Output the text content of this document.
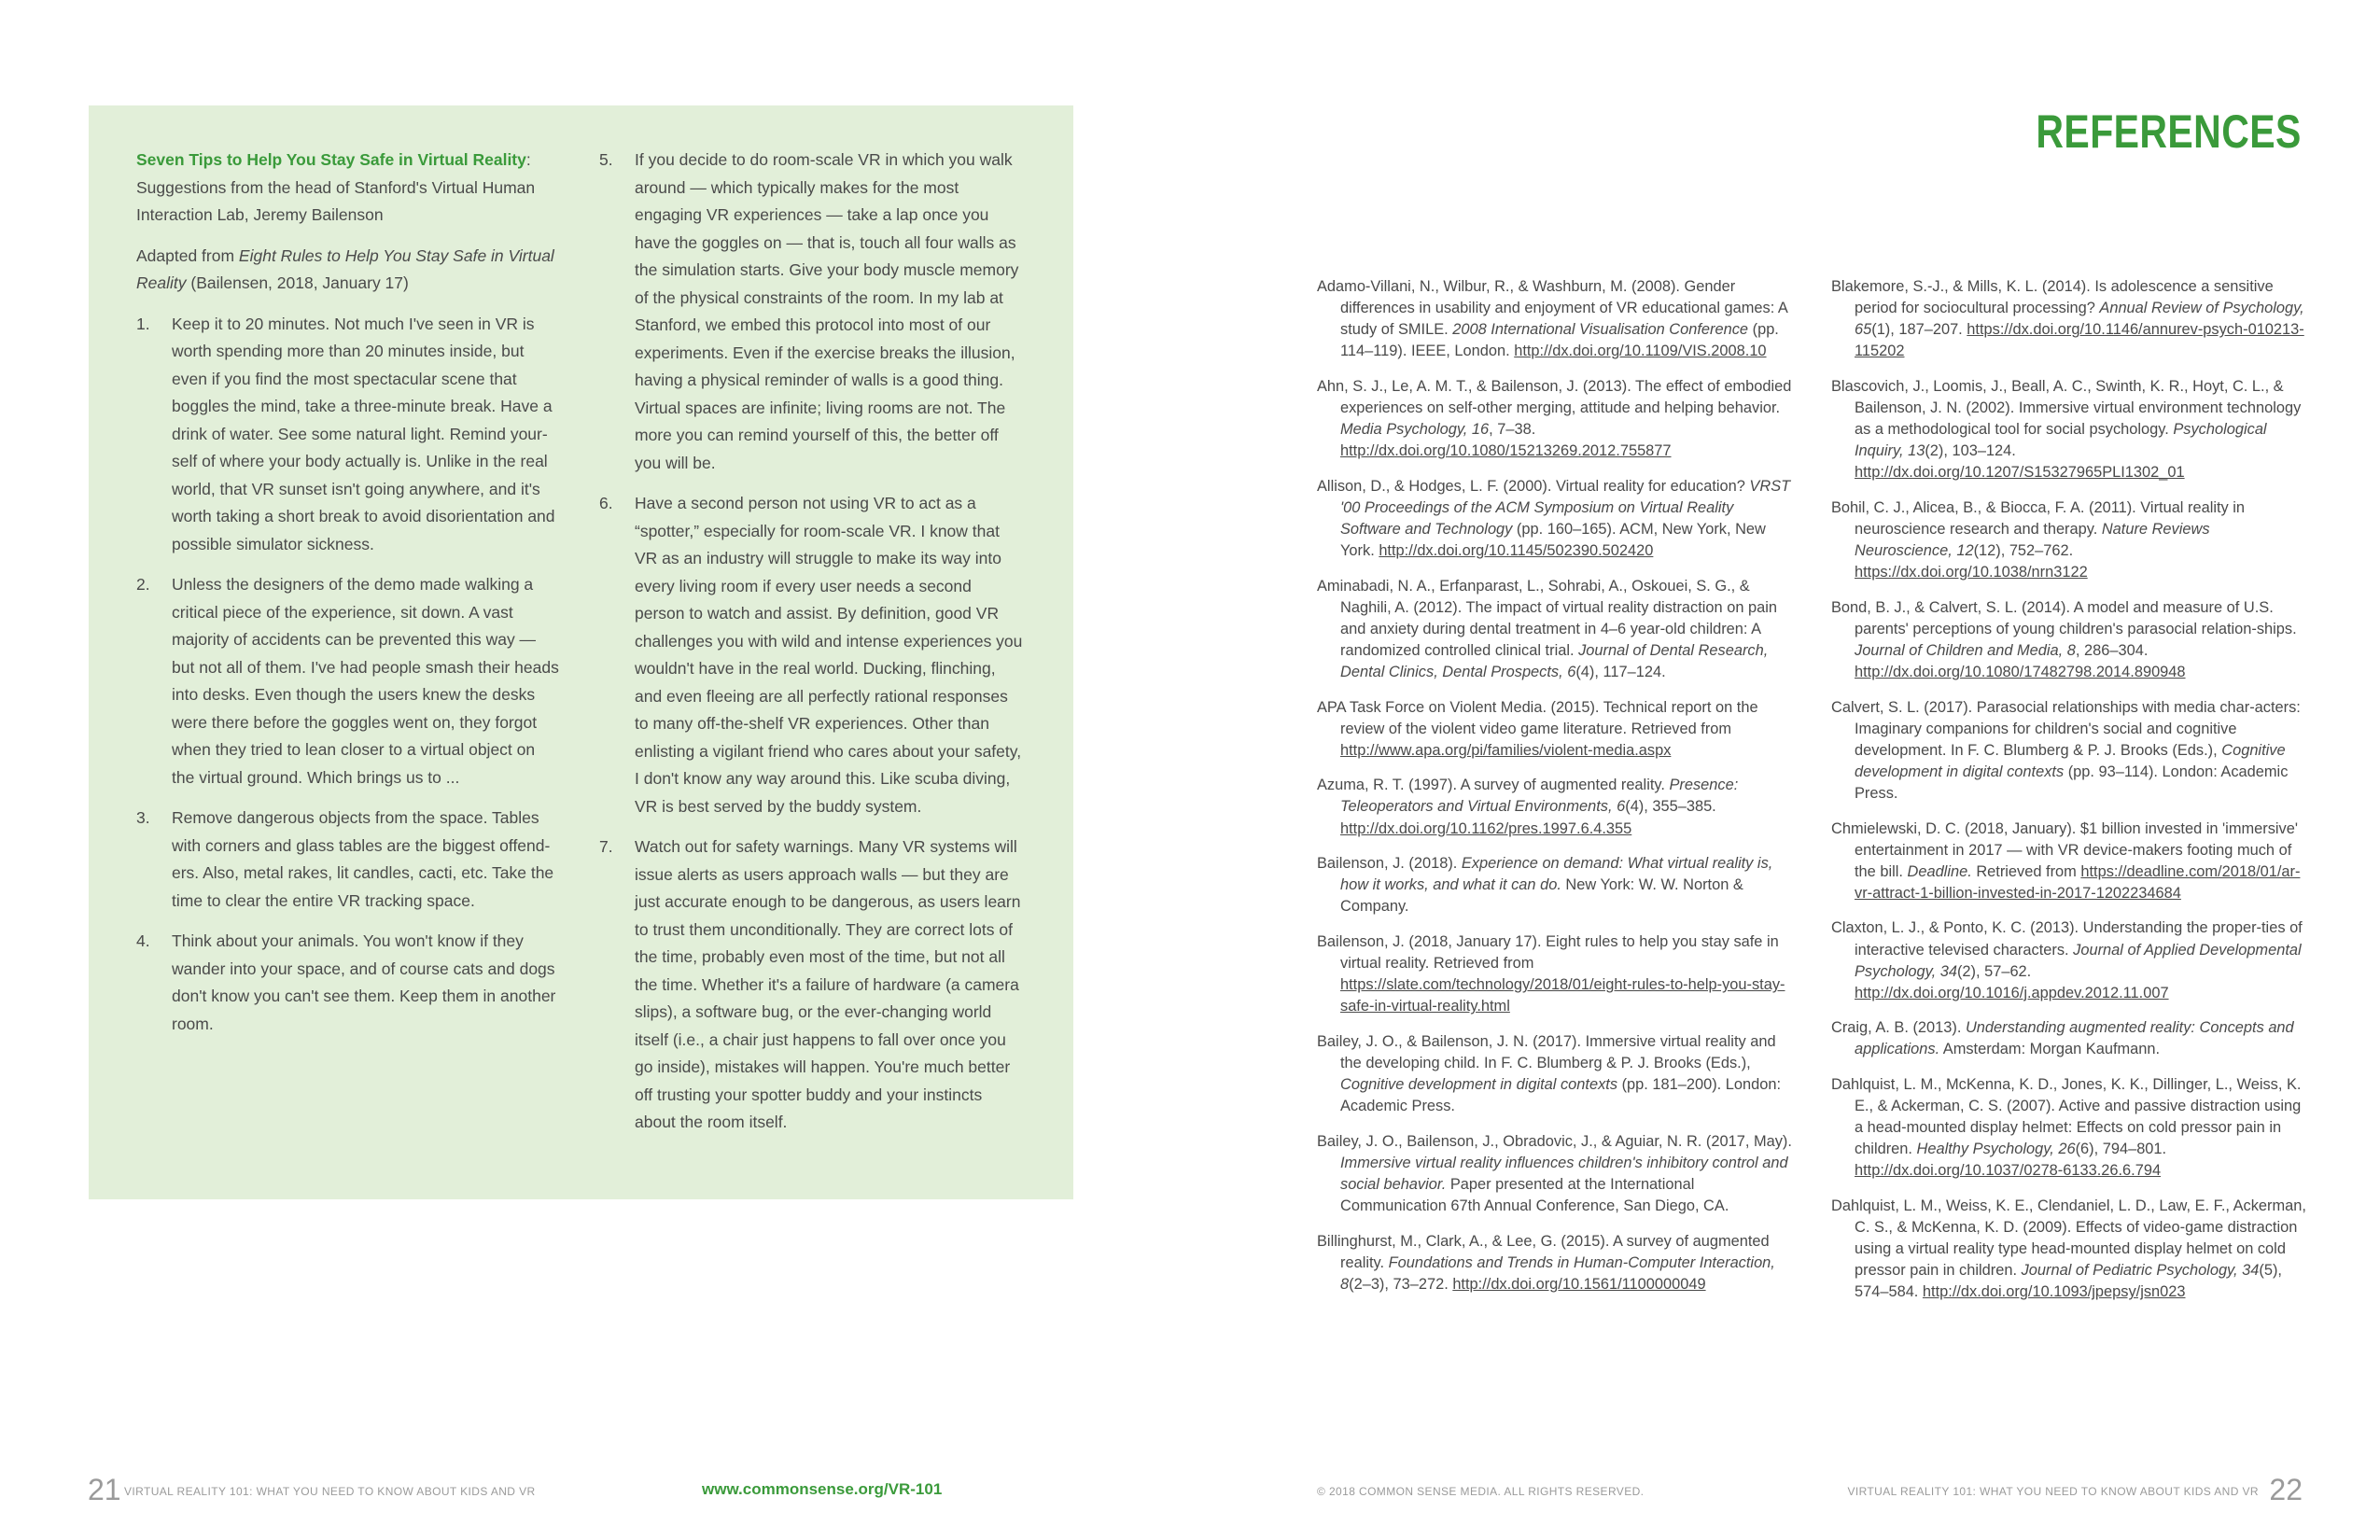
Seven Tips to Help You Stay Safe in Virtual Reality: Suggestions from the head of Stanford's Virtual Human Interaction Lab, Jeremy Bailenson

Adapted from Eight Rules to Help You Stay Safe in Virtual Reality (Bailensen, 2018, January 17)

1. Keep it to 20 minutes. Not much I've seen in VR is worth spending more than 20 minutes inside, but even if you find the most spectacular scene that boggles the mind, take a three-minute break. Have a drink of water. See some natural light. Remind your-self of where your body actually is. Unlike in the real world, that VR sunset isn't going anywhere, and it's worth taking a short break to avoid disorientation and possible simulator sickness.
2. Unless the designers of the demo made walking a critical piece of the experience, sit down. A vast majority of accidents can be prevented this way — but not all of them. I've had people smash their heads into desks. Even though the users knew the desks were there before the goggles went on, they forgot when they tried to lean closer to a virtual object on the virtual ground. Which brings us to ...
3. Remove dangerous objects from the space. Tables with corners and glass tables are the biggest offend-ers. Also, metal rakes, lit candles, cacti, etc. Take the time to clear the entire VR tracking space.
4. Think about your animals. You won't know if they wander into your space, and of course cats and dogs don't know you can't see them. Keep them in another room.
5. If you decide to do room-scale VR in which you walk around — which typically makes for the most engaging VR experiences — take a lap once you have the goggles on — that is, touch all four walls as the simulation starts. Give your body muscle memory of the physical constraints of the room. In my lab at Stanford, we embed this protocol into most of our experiments. Even if the exercise breaks the illusion, having a physical reminder of walls is a good thing. Virtual spaces are infinite; living rooms are not. The more you can remind yourself of this, the better off you will be.
6. Have a second person not using VR to act as a “spotter,” especially for room-scale VR. I know that VR as an industry will struggle to make its way into every living room if every user needs a second person to watch and assist. By definition, good VR challenges you with wild and intense experiences you wouldn't have in the real world. Ducking, flinching, and even fleeing are all perfectly rational responses to many off-the-shelf VR experiences. Other than enlisting a vigilant friend who cares about your safety, I don't know any way around this. Like scuba diving, VR is best served by the buddy system.
7. Watch out for safety warnings. Many VR systems will issue alerts as users approach walls — but they are just accurate enough to be dangerous, as users learn to trust them unconditionally. They are correct lots of the time, probably even most of the time, but not all the time. Whether it's a failure of hardware (a camera slips), a software bug, or the ever-changing world itself (i.e., a chair just happens to fall over once you go inside), mistakes will happen. You're much better off trusting your spotter buddy and your instincts about the room itself.
REFERENCES

Adamo-Villani, N., Wilbur, R., & Washburn, M. (2008). Gender differences in usability and enjoyment of VR educational games: A study of SMILE. 2008 International Visualisation Conference (pp. 114–119). IEEE, London. http://dx.doi.org/10.1109/VIS.2008.10

Ahn, S. J., Le, A. M. T., & Bailenson, J. (2013). The effect of embodied experiences on self-other merging, attitude and helping behavior. Media Psychology, 16, 7–38. http://dx.doi.org/10.1080/15213269.2012.755877

Allison, D., & Hodges, L. F. (2000). Virtual reality for education? VRST '00 Proceedings of the ACM Symposium on Virtual Reality Software and Technology (pp. 160–165). ACM, New York, New York. http://dx.doi.org/10.1145/502390.502420

Aminabadi, N. A., Erfanparast, L., Sohrabi, A., Oskouei, S. G., & Naghili, A. (2012). The impact of virtual reality distraction on pain and anxiety during dental treatment in 4–6 year-old children: A randomized controlled clinical trial. Journal of Dental Research, Dental Clinics, Dental Prospects, 6(4), 117–124.

APA Task Force on Violent Media. (2015). Technical report on the review of the violent video game literature. Retrieved from http://www.apa.org/pi/families/violent-media.aspx

Azuma, R. T. (1997). A survey of augmented reality. Presence: Teleoperators and Virtual Environments, 6(4), 355–385. http://dx.doi.org/10.1162/pres.1997.6.4.355

Bailenson, J. (2018). Experience on demand: What virtual reality is, how it works, and what it can do. New York: W. W. Norton & Company.

Bailenson, J. (2018, January 17). Eight rules to help you stay safe in virtual reality. Retrieved from https://slate.com/technology/2018/01/eight-rules-to-help-you-stay-safe-in-virtual-reality.html

Bailey, J. O., & Bailenson, J. N. (2017). Immersive virtual reality and the developing child. In F. C. Blumberg & P. J. Brooks (Eds.), Cognitive development in digital contexts (pp. 181–200). London: Academic Press.

Bailey, J. O., Bailenson, J., Obradovic, J., & Aguiar, N. R. (2017, May). Immersive virtual reality influences children's inhibitory control and social behavior. Paper presented at the International Communication 67th Annual Conference, San Diego, CA.

Billinghurst, M., Clark, A., & Lee, G. (2015). A survey of augmented reality. Foundations and Trends in Human-Computer Interaction, 8(2–3), 73–272. http://dx.doi.org/10.1561/1100000049

Blakemore, S.-J., & Mills, K. L. (2014). Is adolescence a sensitive period for sociocultural processing? Annual Review of Psychology, 65(1), 187–207. https://dx.doi.org/10.1146/annurev-psych-010213-115202

Blascovich, J., Loomis, J., Beall, A. C., Swinth, K. R., Hoyt, C. L., & Bailenson, J. N. (2002). Immersive virtual environment technology as a methodological tool for social psychology. Psychological Inquiry, 13(2), 103–124. http://dx.doi.org/10.1207/S15327965PLI1302_01

Bohil, C. J., Alicea, B., & Biocca, F. A. (2011). Virtual reality in neuroscience research and therapy. Nature Reviews Neuroscience, 12(12), 752–762. https://dx.doi.org/10.1038/nrn3122

Bond, B. J., & Calvert, S. L. (2014). A model and measure of U.S. parents' perceptions of young children's parasocial relation-ships. Journal of Children and Media, 8, 286–304. http://dx.doi.org/10.1080/17482798.2014.890948

Calvert, S. L. (2017). Parasocial relationships with media char-acters: Imaginary companions for children's social and cognitive development. In F. C. Blumberg & P. J. Brooks (Eds.), Cognitive development in digital contexts (pp. 93–114). London: Academic Press.

Chmielewski, D. C. (2018, January). $1 billion invested in 'immersive' entertainment in 2017 — with VR device-makers footing much of the bill. Deadline. Retrieved from https://deadline.com/2018/01/ar-vr-attract-1-billion-invested-in-2017-1202234684

Claxton, L. J., & Ponto, K. C. (2013). Understanding the proper-ties of interactive televised characters. Journal of Applied Developmental Psychology, 34(2), 57–62. http://dx.doi.org/10.1016/j.appdev.2012.11.007

Craig, A. B. (2013). Understanding augmented reality: Concepts and applications. Amsterdam: Morgan Kaufmann.

Dahlquist, L. M., McKenna, K. D., Jones, K. K., Dillinger, L., Weiss, K. E., & Ackerman, C. S. (2007). Active and passive distraction using a head-mounted display helmet: Effects on cold pressor pain in children. Healthy Psychology, 26(6), 794–801. http://dx.doi.org/10.1037/0278-6133.26.6.794

Dahlquist, L. M., Weiss, K. E., Clendaniel, L. D., Law, E. F., Ackerman, C. S., & McKenna, K. D. (2009). Effects of video-game distraction using a virtual reality type head-mounted display helmet on cold pressor pain in children. Journal of Pediatric Psychology, 34(5), 574–584. http://dx.doi.org/10.1093/jpepsy/jsn023

21 VIRTUAL REALITY 101: WHAT YOU NEED TO KNOW ABOUT KIDS AND VR	www.commonsense.org/VR-101	© 2018 COMMON SENSE MEDIA. ALL RIGHTS RESERVED.	VIRTUAL REALITY 101: WHAT YOU NEED TO KNOW ABOUT KIDS AND VR 22
